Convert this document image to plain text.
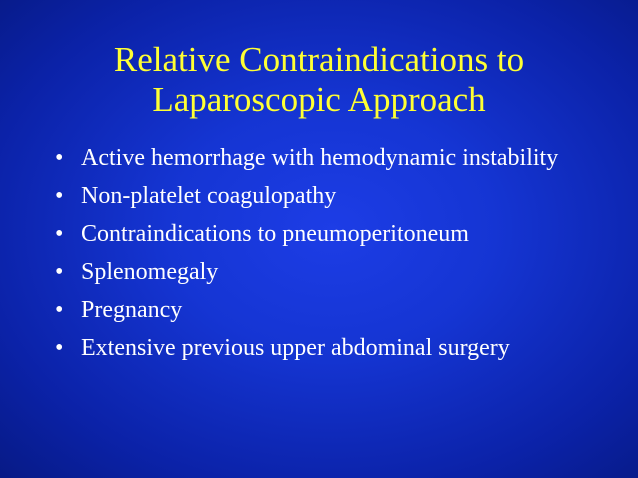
Relative Contraindications to
Laparoscopic Approach
• Active hemorrhage with hemodynamic instability
• Non-platelet coagulopathy
• Contraindications to pneumoperitoneum
• Splenomegaly
• Pregnancy
• Extensive previous upper abdominal surgery
